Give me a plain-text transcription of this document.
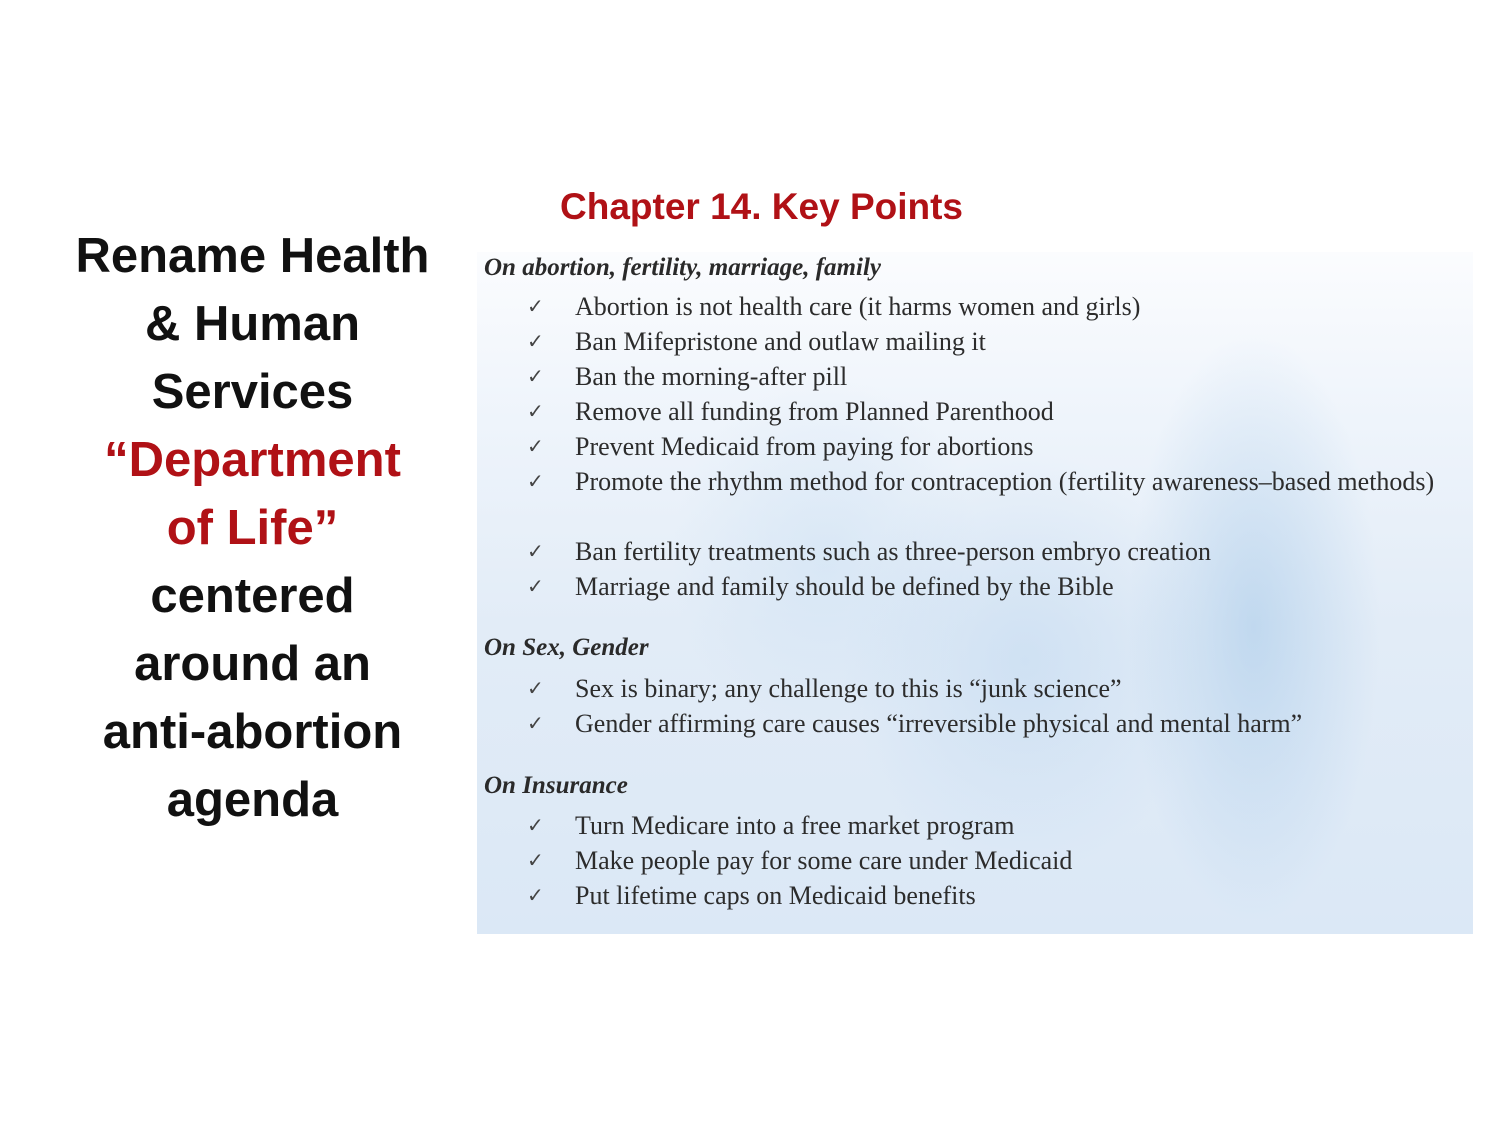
Rename Health
& Human
Services
“Department
of Life”
centered
around an
anti-abortion
agenda
Chapter 14. Key Points
On abortion, fertility, marriage, family
✓	Abortion is not health care (it harms women and girls)
✓	Ban Mifepristone and outlaw mailing it
✓	Ban the morning-after pill
✓	Remove all funding from Planned Parenthood
✓	Prevent Medicaid from paying for abortions
✓	Promote the rhythm method for contraception (fertility awareness–based methods)
✓	Ban fertility treatments such as three-person embryo creation
✓	Marriage and family should be defined by the Bible
On Sex, Gender
✓	Sex is binary; any challenge to this is “junk science”
✓	Gender affirming care causes “irreversible physical and mental harm”
On Insurance
✓	Turn Medicare into a free market program
✓	Make people pay for some care under Medicaid
✓	Put lifetime caps on Medicaid benefits
